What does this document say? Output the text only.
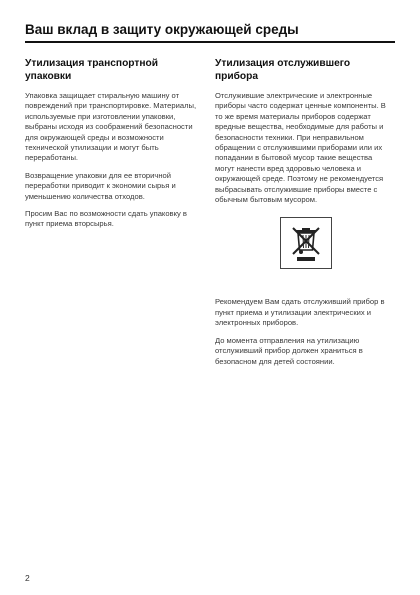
Ваш вклад в защиту окружающей среды
Утилизация транспортной упаковки

Упаковка защищает стиральную машину от повреждений при транспортировке. Материалы, используемые при изготовлении упаковки, выбраны исходя из соображений безопасности для окружающей среды и возможности технической утилизации и могут быть переработаны.

Возвращение упаковки для ее вторичной переработки приводит к экономии сырья и уменьшению количества отходов.

Просим Вас по возможности сдать упаковку в пункт приема вторсырья.

Утилизация отслужившего прибора

Отслужившие электрические и электронные приборы часто содержат ценные компоненты. В то же время материалы приборов содержат вредные вещества, необходимые для работы и безопасности техники. При неправильном обращении с отслужившими приборами или их попадании в бытовой мусор такие вещества могут нанести вред здоровью человека и окружающей среде. Поэтому не рекомендуется выбрасывать отслужившие приборы вместе с обычным бытовым мусором.

Рекомендуем Вам сдать отслуживший прибор в пункт приема и утилизации электрических и электронных приборов.

До момента отправления на утилизацию отслуживший прибор должен храниться в безопасном для детей состоянии.

2
